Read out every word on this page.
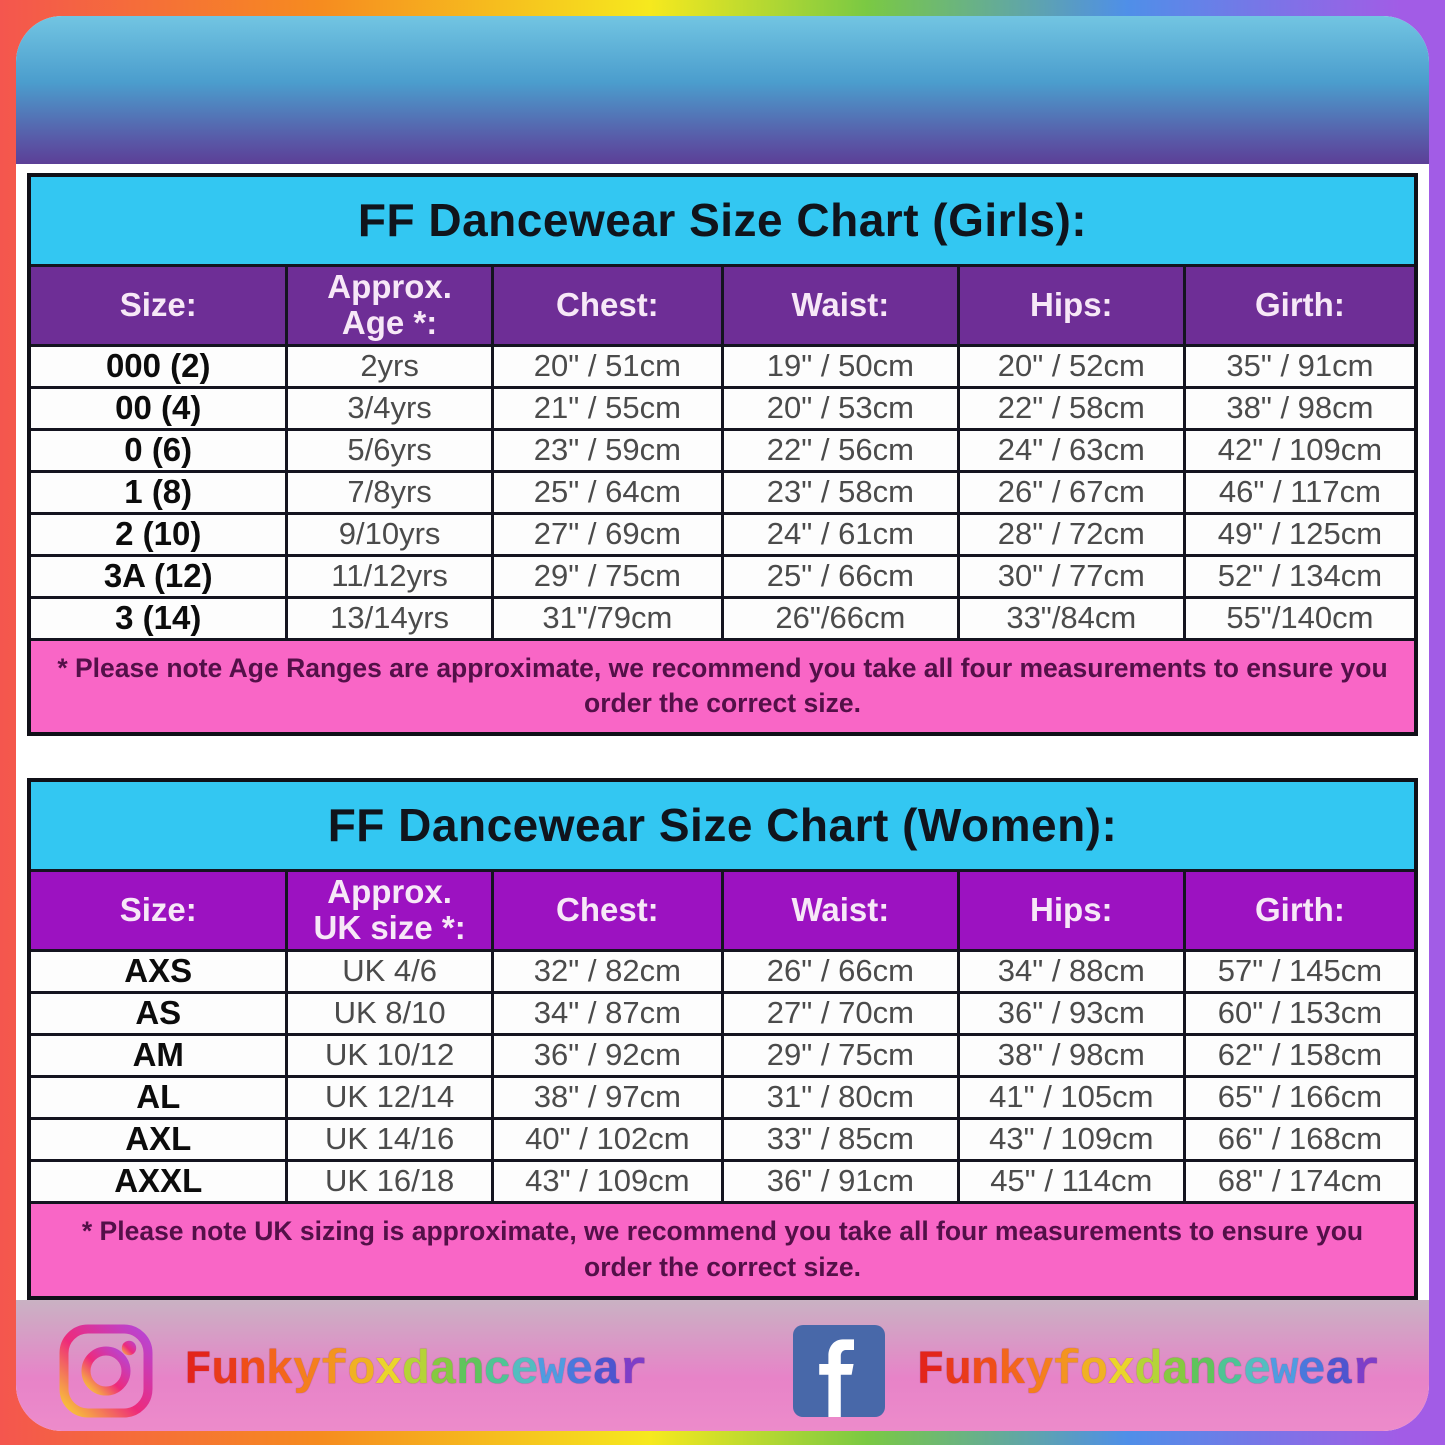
FF Dancewear Size Chart (Girls):					
Size:	Approx. Age *:	Chest:	Waist:	Hips:	Girth:
000 (2)	2yrs	20" / 51cm	19" / 50cm	20" / 52cm	35" / 91cm
00 (4)	3/4yrs	21" / 55cm	20" / 53cm	22" / 58cm	38" / 98cm
0 (6)	5/6yrs	23" / 59cm	22" / 56cm	24" / 63cm	42" / 109cm
1 (8)	7/8yrs	25" / 64cm	23" / 58cm	26" / 67cm	46" / 117cm
2 (10)	9/10yrs	27" / 69cm	24" / 61cm	28" / 72cm	49" / 125cm
3A (12)	11/12yrs	29" / 75cm	25" / 66cm	30" / 77cm	52" / 134cm
3 (14)	13/14yrs	31"/79cm	26"/66cm	33"/84cm	55"/140cm
* Please note Age Ranges are approximate, we recommend you take all four measurements to ensure you order the correct size.					
FF Dancewear Size Chart (Women):					
Size:	Approx. UK size *:	Chest:	Waist:	Hips:	Girth:
AXS	UK 4/6	32" / 82cm	26" / 66cm	34" / 88cm	57" / 145cm
AS	UK 8/10	34" / 87cm	27" / 70cm	36" / 93cm	60" / 153cm
AM	UK 10/12	36" / 92cm	29" / 75cm	38" / 98cm	62" / 158cm
AL	UK 12/14	38" / 97cm	31" / 80cm	41" / 105cm	65" / 166cm
AXL	UK 14/16	40" / 102cm	33" / 85cm	43" / 109cm	66" / 168cm
AXXL	UK 16/18	43" / 109cm	36" / 91cm	45" / 114cm	68" / 174cm
* Please note UK sizing is approximate, we recommend you take all four measurements to ensure you order the correct size.					
Funkyfoxdancewear	Funkyfoxdancewear
